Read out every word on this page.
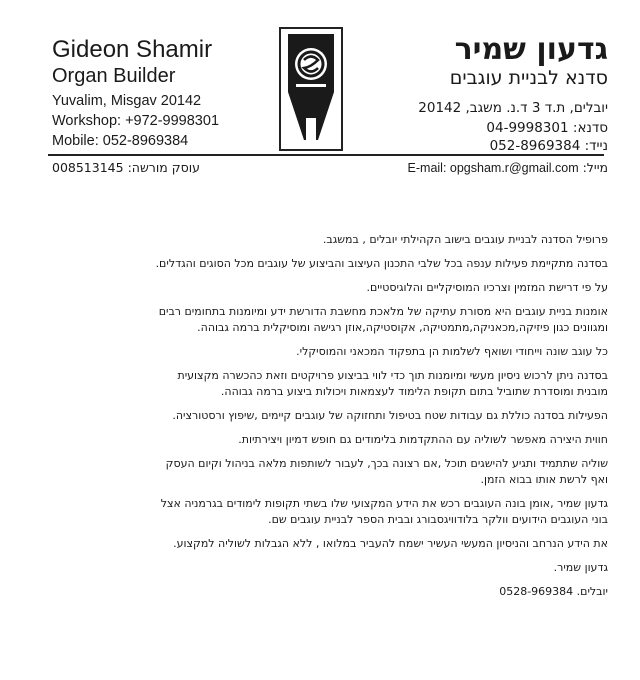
Gideon Shamir
Organ Builder
Yuvalim, Misgav 20142
Workshop: +972-9998301
Mobile: 052-8969384
גדעון שמיר
סדנא לבניית עוגבים
יובלים, ת.ד 3 ד.נ. משגב, 20142
סדנא: 04-9998301
נייד: 052-8969384
עוסק מורשה: 008513145	מייל: E-mail: opgsham.r@gmail.com

פרופיל הסדנה לבניית עוגבים בישוב הקהילתי יובלים , במשגב.

בסדנה מתקיימת פעילות ענפה בכל שלבי התכנון העיצוב והביצוע של עוגבים מכל הסוגים והגדלים.

על פי דרישת המזמין וצרכיו המוסיקליים והלוגיסטיים.

אומנות בניית עוגבים היא מסורת עתיקה של מלאכת מחשבת הדורשת ידע ומיומנות בתחומים רבים
ומגוונים כגון פיזיקה,מכאניקה,מתמטיקה, אקוסטיקה,אוזן רגישה ומוסיקלית ברמה גבוהה.

כל עוגב שונה וייחודי ושואף לשלמות הן בתפקוד המכאני והמוסיקלי.

בסדנה ניתן לרכוש ניסיון מעשי ומיומנות תוך כדי לווי בביצוע פרויקטים וזאת כהכשרה מקצועית
מובנית ומוסדרת שתוביל בתום תקופת הלימוד לעצמאות ויכולות ביצוע ברמה גבוהה.

הפעילות בסדנה כוללת גם עבודות שטח בטיפול ותחזוקה של עוגבים קיימים ,שיפוץ ורסטורציה.

חווית היצירה מאפשר לשוליה עם ההתקדמות בלימודים גם חופש דמיון ויצירתיות.

שוליה שתתמיד ותגיע להישגים תוכל ,אם רצונה בכך, לעבור לשותפות מלאה בניהול וקיום העסק
ואף לרשת אותו בבוא הזמן.

גדעון שמיר ,אומן בונה העוגבים רכש את הידע המקצועי שלו בשתי תקופות לימודים בגרמניה אצל
בוני העוגבים הידועים וולקר בלודוויגסבורג ובבית הספר לבניית עוגבים שם.

את הידע הנרחב והניסיון המעשי העשיר ישמח להעביר במלואו , ללא הגבלות לשוליה למקצוע.

גדעון שמיר.

יובלים. 0528-969384
